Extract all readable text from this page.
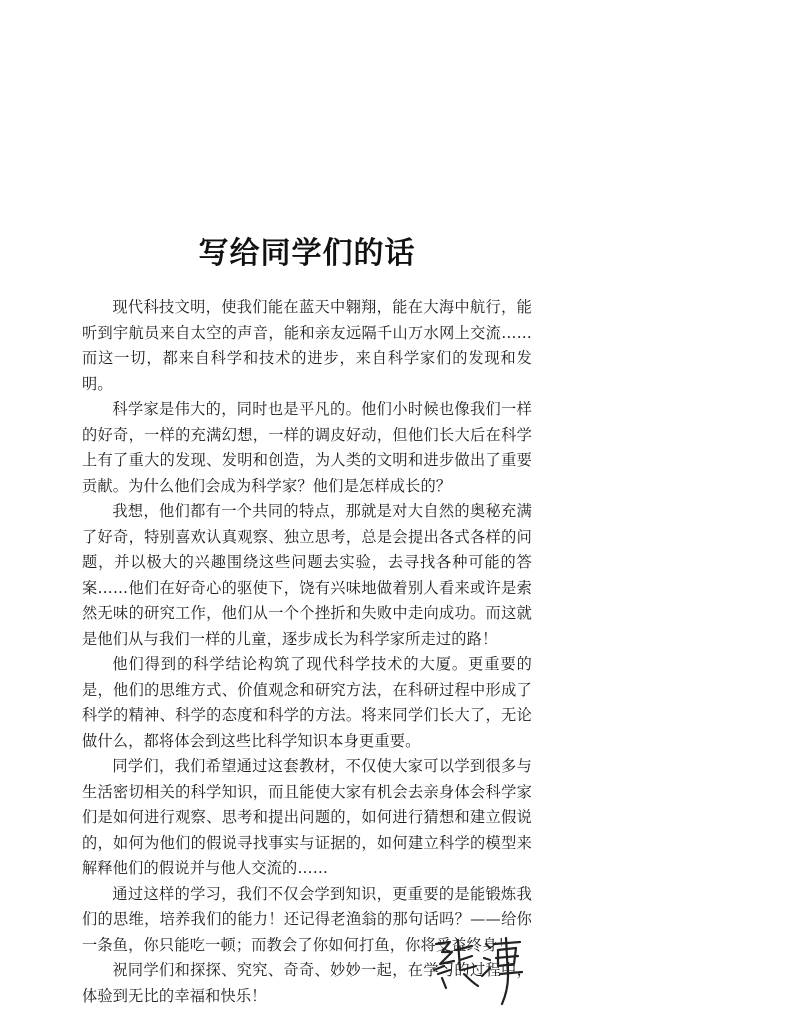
写给同学们的话

现代科技文明，使我们能在蓝天中翱翔，能在大海中航行，能听到宇航员来自太空的声音，能和亲友远隔千山万水网上交流……而这一切，都来自科学和技术的进步，来自科学家们的发现和发明。

科学家是伟大的，同时也是平凡的。他们小时候也像我们一样的好奇，一样的充满幻想，一样的调皮好动，但他们长大后在科学上有了重大的发现、发明和创造，为人类的文明和进步做出了重要贡献。为什么他们会成为科学家？他们是怎样成长的？

我想，他们都有一个共同的特点，那就是对大自然的奥秘充满了好奇，特别喜欢认真观察、独立思考，总是会提出各式各样的问题，并以极大的兴趣围绕这些问题去实验，去寻找各种可能的答案……他们在好奇心的驱使下，饶有兴味地做着别人看来或许是索然无味的研究工作，他们从一个个挫折和失败中走向成功。而这就是他们从与我们一样的儿童，逐步成长为科学家所走过的路！

他们得到的科学结论构筑了现代科学技术的大厦。更重要的是，他们的思维方式、价值观念和研究方法，在科研过程中形成了科学的精神、科学的态度和科学的方法。将来同学们长大了，无论做什么，都将体会到这些比科学知识本身更重要。

同学们，我们希望通过这套教材，不仅使大家可以学到很多与生活密切相关的科学知识，而且能使大家有机会去亲身体会科学家们是如何进行观察、思考和提出问题的，如何进行猜想和建立假说的，如何为他们的假说寻找事实与证据的，如何建立科学的模型来解释他们的假说并与他人交流的……

通过这样的学习，我们不仅会学到知识，更重要的是能锻炼我们的思维，培养我们的能力！还记得老渔翁的那句话吗？——给你一条鱼，你只能吃一顿；而教会了你如何打鱼，你将受益终身！

祝同学们和探探、究究、奇奇、妙妙一起，在学习的过程中，体验到无比的幸福和快乐！
